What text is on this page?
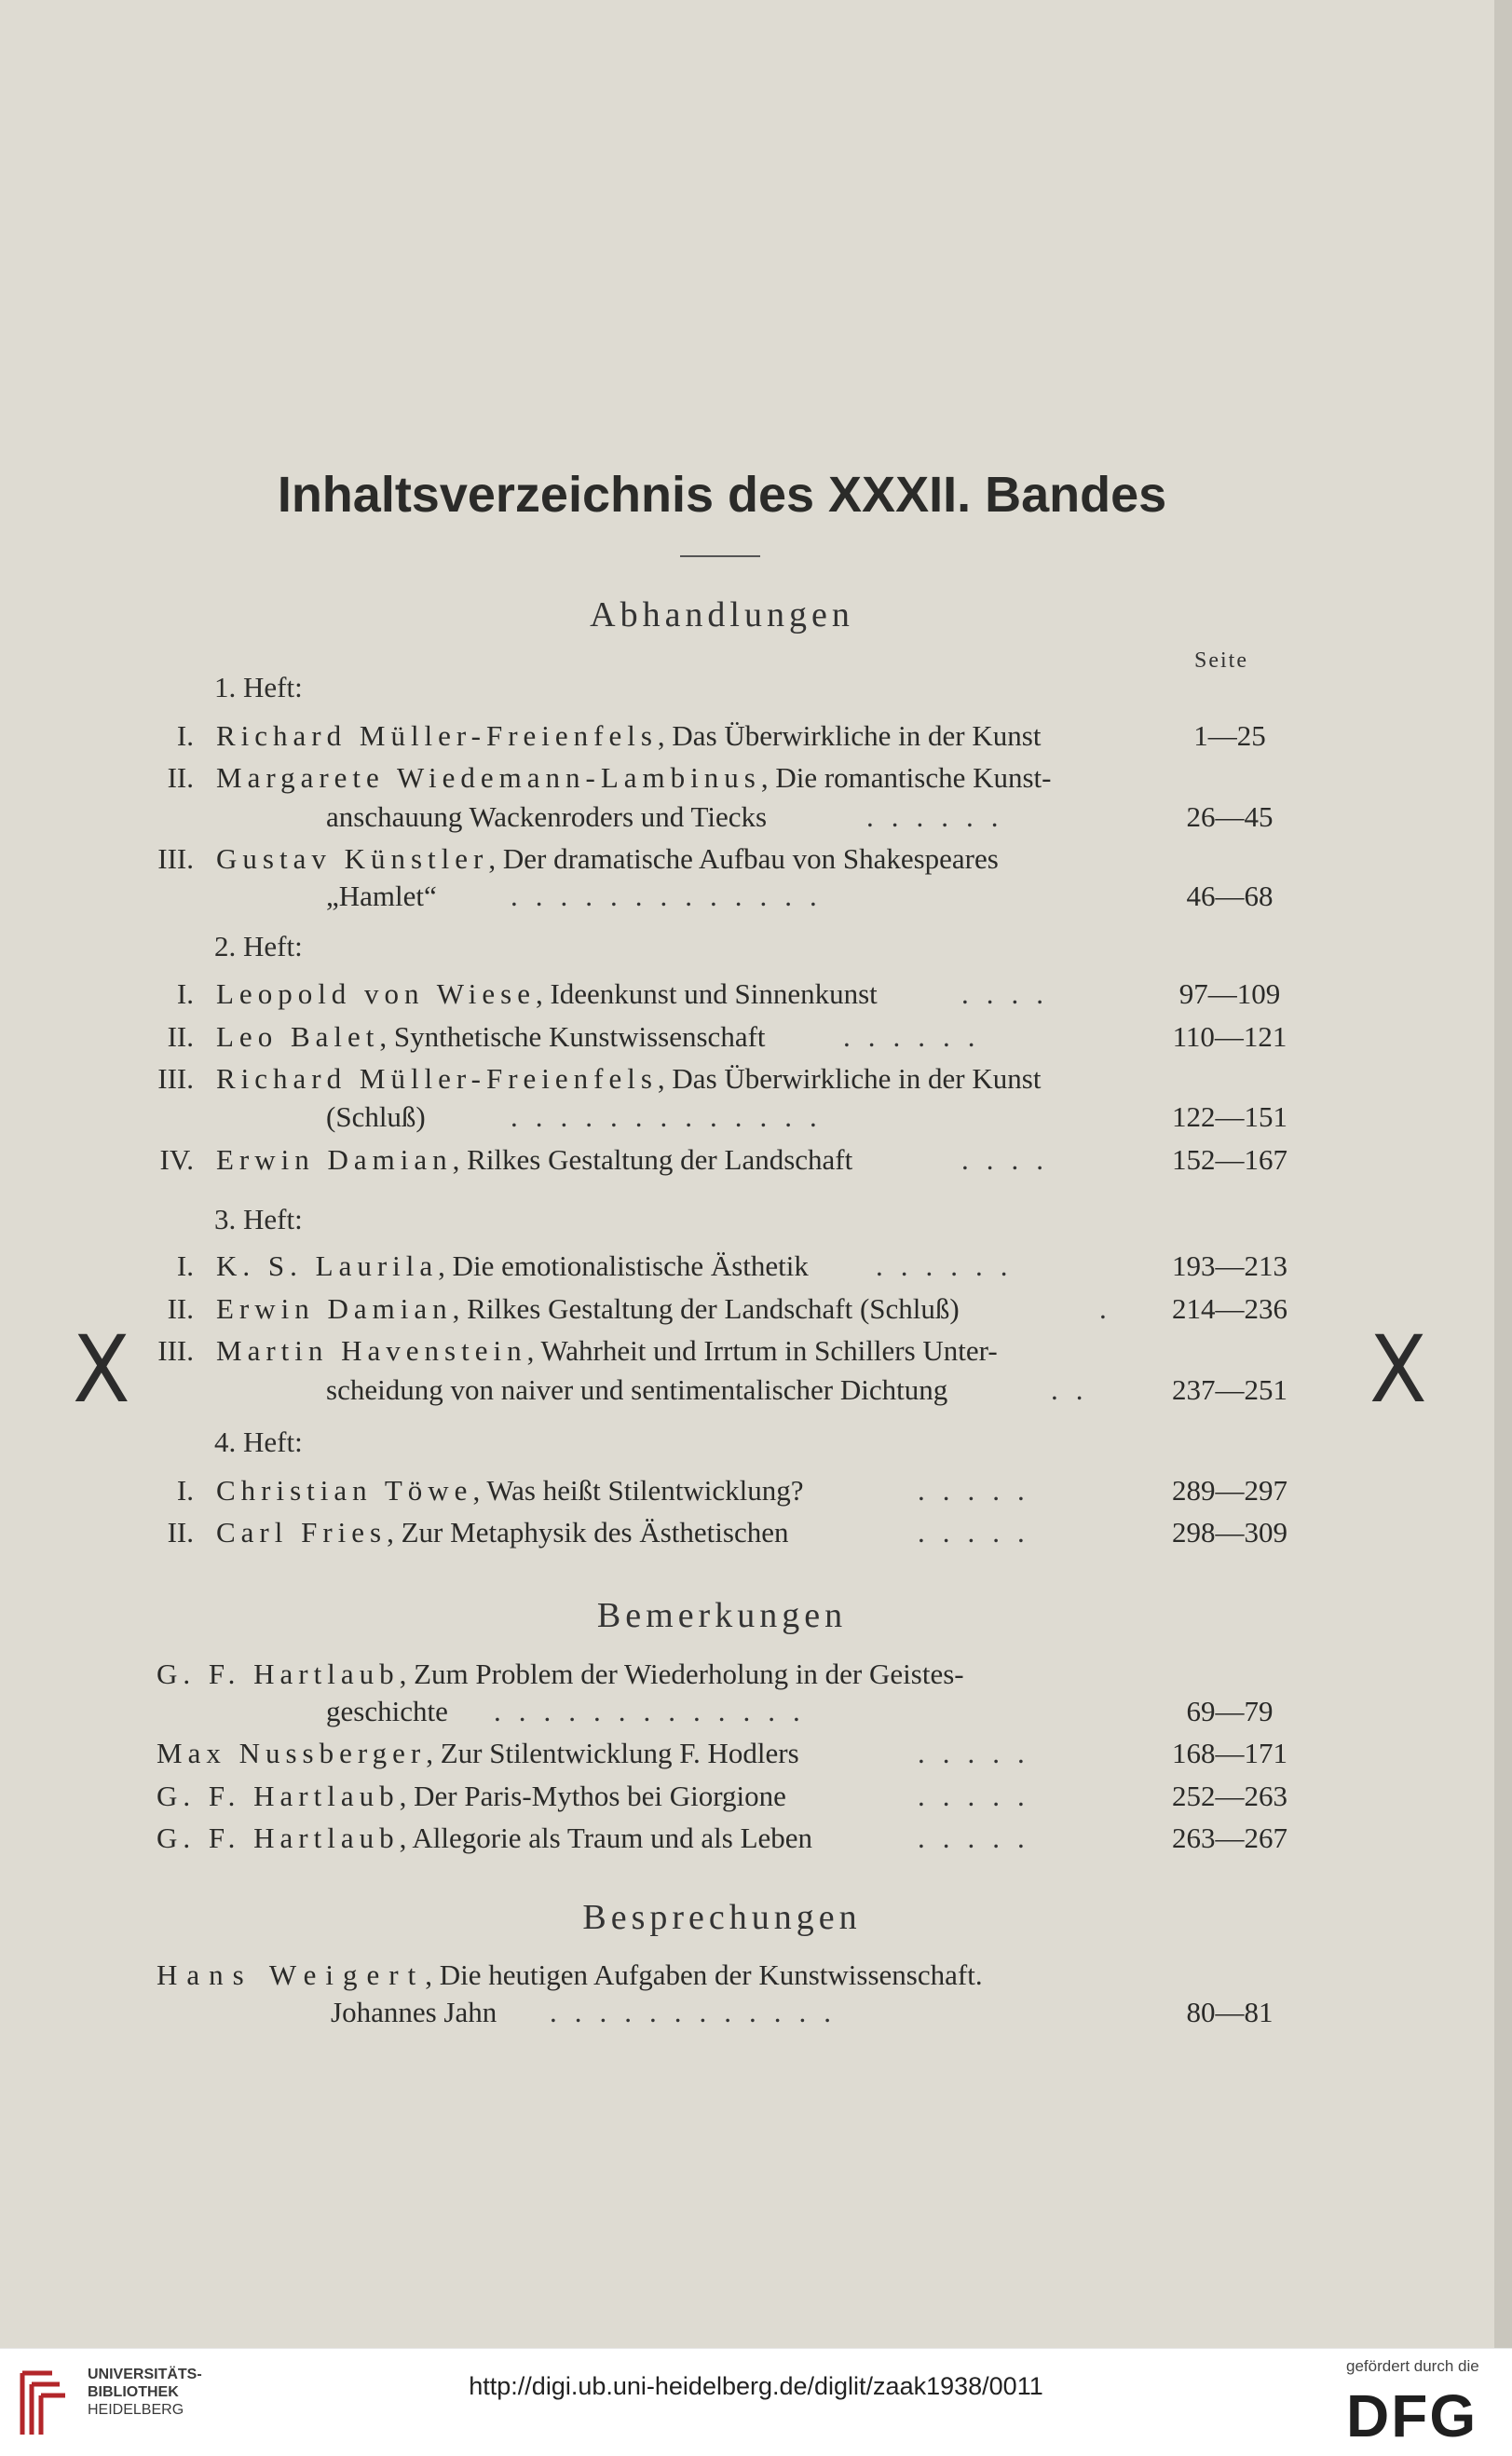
Inhaltsverzeichnis des XXXII. Bandes
Abhandlungen
Seite
1. Heft:
I. Richard Müller-Freienfels, Das Überwirkliche in der Kunst	1—25
II. Margarete Wiedemann-Lambinus, Die romantische Kunst-
anschauung Wackenroders und Tiecks	......	26—45
III. Gustav Künstler, Der dramatische Aufbau von Shakespeares
„Hamlet“	.............	46—68
2. Heft:
I. Leopold von Wiese, Ideenkunst und Sinnenkunst	....	97—109
II. Leo Balet, Synthetische Kunstwissenschaft	......	110—121
III. Richard Müller-Freienfels, Das Überwirkliche in der Kunst
(Schluß)	.............	122—151
IV. Erwin Damian, Rilkes Gestaltung der Landschaft	....	152—167
3. Heft:
I. K. S. Laurila, Die emotionalistische Ästhetik ......	193—213
II. Erwin Damian, Rilkes Gestaltung der Landschaft (Schluß)	.	214—236
III. Martin Havenstein, Wahrheit und Irrtum in Schillers Unter-
scheidung von naiver und sentimentalischer Dichtung	..	237—251
4. Heft:
I. Christian Töwe, Was heißt Stilentwicklung?	.....	289—297
II. Carl Fries, Zur Metaphysik des Ästhetischen	.....	298—309
Bemerkungen
G. F. Hartlaub, Zum Problem der Wiederholung in der Geistes-
geschichte .............	69—79
Max Nussberger, Zur Stilentwicklung F. Hodlers	.....	168—171
G. F. Hartlaub, Der Paris-Mythos bei Giorgione	.....	252—263
G. F. Hartlaub, Allegorie als Traum und als Leben	.....	263—267
Besprechungen
Hans Weigert, Die heutigen Aufgaben der Kunstwissenschaft.
Johannes Jahn ............	80—81
X	X
UNIVERSITÄTS-
BIBLIOTHEK
HEIDELBERG
http://digi.ub.uni-heidelberg.de/diglit/zaak1938/0011
gefördert durch die
DFG
